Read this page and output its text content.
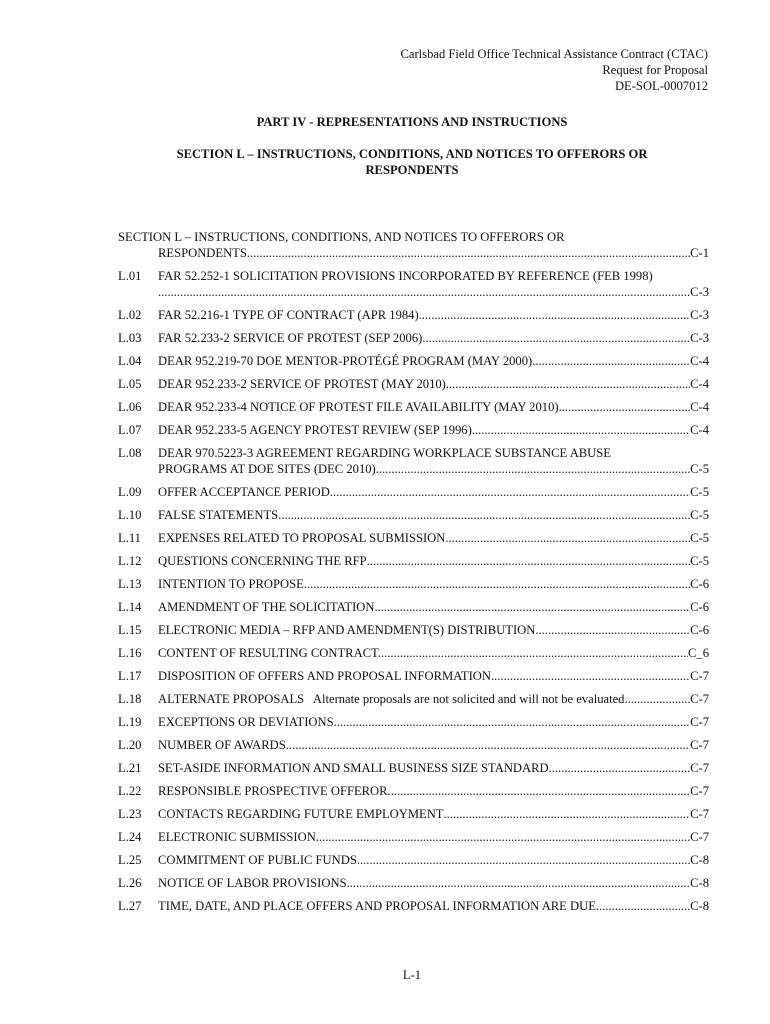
Carlsbad Field Office Technical Assistance Contract (CTAC)
Request for Proposal
DE-SOL-0007012
PART IV - REPRESENTATIONS AND INSTRUCTIONS
SECTION L – INSTRUCTIONS, CONDITIONS, AND NOTICES TO OFFERORS OR
RESPONDENTS
SECTION L – INSTRUCTIONS, CONDITIONS, AND NOTICES TO OFFERORS OR
RESPONDENTS .....	C-1
L.01	FAR 52.252-1 SOLICITATION PROVISIONS INCORPORATED BY REFERENCE (FEB 1998)
.....
C-3
L.02	FAR 52.216-1 TYPE OF CONTRACT (APR 1984) .....	C-3
L.03	FAR 52.233-2 SERVICE OF PROTEST (SEP 2006) .....	C-3
L.04	DEAR 952.219-70 DOE MENTOR-PROTÉGÉ PROGRAM (MAY 2000) .....	C-4
L.05	DEAR 952.233-2 SERVICE OF PROTEST (MAY 2010) .....	C-4
L.06	DEAR 952.233-4 NOTICE OF PROTEST FILE AVAILABILITY (MAY 2010) .....	C-4
L.07	DEAR 952.233-5 AGENCY PROTEST REVIEW (SEP 1996) .....	C-4
L.08	DEAR 970.5223-3 AGREEMENT REGARDING WORKPLACE SUBSTANCE ABUSE
PROGRAMS AT DOE SITES (DEC 2010) .....	C-5
L.09	OFFER ACCEPTANCE PERIOD .....	C-5
L.10	FALSE STATEMENTS. .....	C-5
L.11	EXPENSES RELATED TO PROPOSAL SUBMISSION. .....	C-5
L.12	QUESTIONS CONCERNING THE RFP .....	C-5
L.13	INTENTION TO PROPOSE .....	C-6
L.14	AMENDMENT OF THE SOLICITATION. .....	C-6
L.15	ELECTRONIC MEDIA – RFP AND AMENDMENT(S) DISTRIBUTION .....	C-6
L.16	CONTENT OF RESULTING CONTRACT. .....	C_6
L.17	DISPOSITION OF OFFERS AND PROPOSAL INFORMATION. .....	C-7
L.18	ALTERNATE PROPOSALS   Alternate proposals are not solicited and will not be evaluated. .....	C-7
L.19	EXCEPTIONS OR DEVIATIONS .....	C-7
L.20	NUMBER OF AWARDS. .....	C-7
L.21	SET-ASIDE INFORMATION AND SMALL BUSINESS SIZE STANDARD .....	C-7
L.22	RESPONSIBLE PROSPECTIVE OFFEROR .....	C-7
L.23	CONTACTS REGARDING FUTURE EMPLOYMENT .....	C-7
L.24	ELECTRONIC SUBMISSION. .....	C-7
L.25	COMMITMENT OF PUBLIC FUNDS .....	C-8
L.26	NOTICE OF LABOR PROVISIONS .....	C-8
L.27	TIME, DATE, AND PLACE OFFERS AND PROPOSAL INFORMATION ARE DUE .....	C-8
L-1
